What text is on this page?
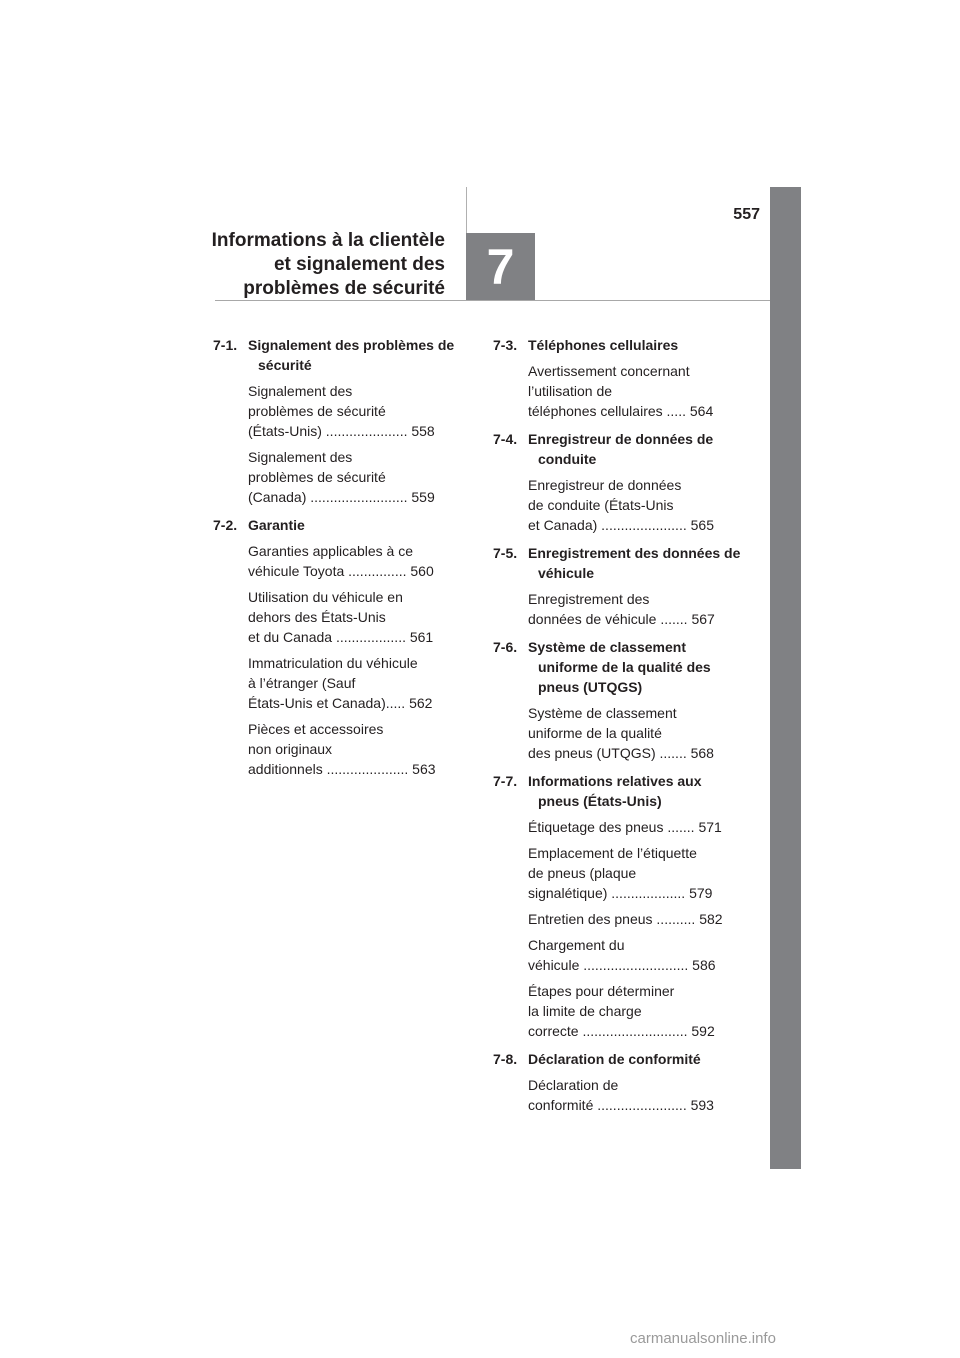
557
Informations à la clientèle
et signalement des
problèmes de sécurité 7
7-1. Signalement des problèmes de sécurité
Signalement des
problèmes de sécurité
(États-Unis) ..................... 558
Signalement des
problèmes de sécurité
(Canada) ......................... 559
7-2. Garantie
Garanties applicables à ce
véhicule Toyota ............... 560
Utilisation du véhicule en
dehors des États-Unis
et du Canada .................. 561
Immatriculation du véhicule
à l’étranger (Sauf
États-Unis et Canada)..... 562
Pièces et accessoires
non originaux
additionnels ..................... 563
7-3. Téléphones cellulaires
Avertissement concernant
l’utilisation de
téléphones cellulaires ..... 564
7-4. Enregistreur de données de conduite
Enregistreur de données
de conduite (États-Unis
et Canada) ...................... 565
7-5. Enregistrement des données de véhicule
Enregistrement des
données de véhicule ....... 567
7-6. Système de classement uniforme de la qualité des pneus (UTQGS)
Système de classement
uniforme de la qualité
des pneus (UTQGS) ....... 568
7-7. Informations relatives aux pneus (États-Unis)
Étiquetage des pneus ....... 571
Emplacement de l’étiquette
de pneus (plaque
signalétique) ................... 579
Entretien des pneus .......... 582
Chargement du
véhicule ........................... 586
Étapes pour déterminer
la limite de charge
correcte ........................... 592
7-8. Déclaration de conformité
Déclaration de
conformité ....................... 593
carmanualsonline.info
